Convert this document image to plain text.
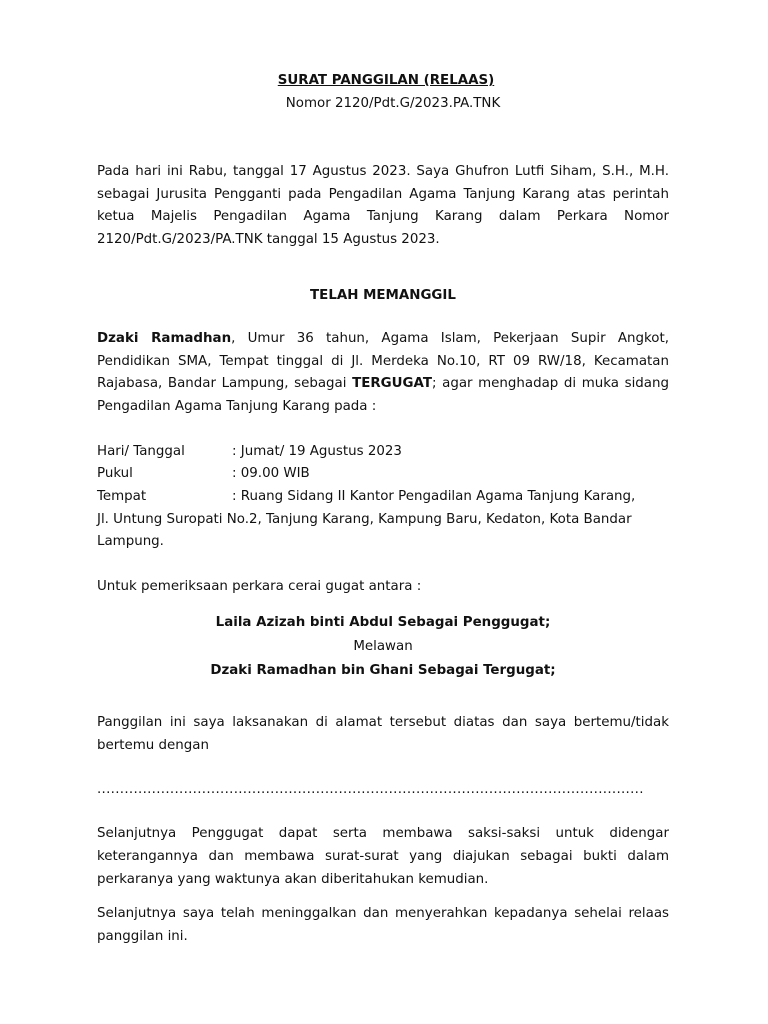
SURAT PANGGILAN (RELAAS)
Nomor 2120/Pdt.G/2023.PA.TNK

Pada hari ini Rabu, tanggal 17 Agustus 2023. Saya Ghufron Lutfi Siham, S.H., M.H. sebagai Jurusita Pengganti pada Pengadilan Agama Tanjung Karang atas perintah ketua Majelis Pengadilan Agama Tanjung Karang dalam Perkara Nomor 2120/Pdt.G/2023/PA.TNK tanggal 15 Agustus 2023.

TELAH MEMANGGIL

Dzaki Ramadhan, Umur 36 tahun, Agama Islam, Pekerjaan Supir Angkot, Pendidikan SMA, Tempat tinggal di Jl. Merdeka No.10, RT 09 RW/18, Kecamatan Rajabasa, Bandar Lampung, sebagai TERGUGAT; agar menghadap di muka sidang Pengadilan Agama Tanjung Karang pada :

Hari/ Tanggal	: Jumat/ 19 Agustus 2023
Pukul	: 09.00 WIB
Tempat	: Ruang Sidang II Kantor Pengadilan Agama Tanjung Karang,
Jl. Untung Suropati No.2, Tanjung Karang, Kampung Baru, Kedaton, Kota Bandar Lampung.

Untuk pemeriksaan perkara cerai gugat antara :

Laila Azizah binti Abdul Sebagai Penggugat;
Melawan
Dzaki Ramadhan bin Ghani Sebagai Tergugat;

Panggilan ini saya laksanakan di alamat tersebut diatas dan saya bertemu/tidak bertemu dengan

........................................................................................................................

Selanjutnya Penggugat dapat serta membawa saksi-saksi untuk didengar keterangannya dan membawa surat-surat yang diajukan sebagai bukti dalam perkaranya yang waktunya akan diberitahukan kemudian.

Selanjutnya saya telah meninggalkan dan menyerahkan kepadanya sehelai relaas panggilan ini.
